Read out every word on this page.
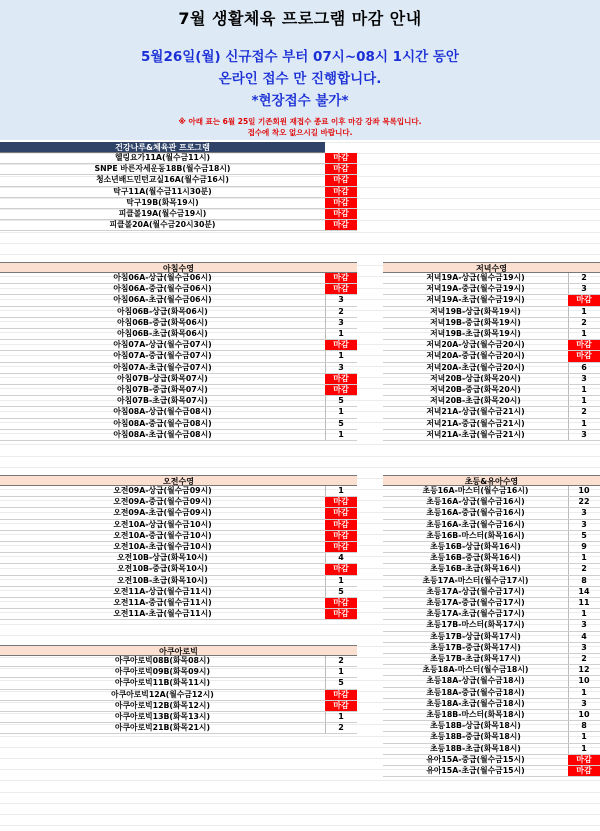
7월 생활체육 프로그램 마감 안내
5월26일(월) 신규접수 부터 07시~08시 1시간 동안
온라인 접수 만 진행합니다.
*현장접수 불가*
※ 아래 표는 6월 25일 기존회원 재접수 종료 이후 마감 강좌 목록입니다.
접수에 착오 없으시길 바랍니다.
건강나루&체육관 프로그램
헬링요가11A(월수금11시)	마감
SNPE 바른자세운동18B(월수금18시)	마감
청소년배드민턴교실16A(월수금16시)	마감
탁구11A(월수금11시30분)	마감
탁구19B(화목19시)	마감
피클볼19A(월수금19시)	마감
피클볼20A(월수금20시30분)	마감
아침수영
아침06A-상급(월수금06시)	마감
아침06A-중급(월수금06시)	마감
아침06A-초급(월수금06시)	3
아침06B-상급(화목06시)	2
아침06B-중급(화목06시)	3
아침06B-초급(화목06시)	1
아침07A-상급(월수금07시)	마감
아침07A-중급(월수금07시)	1
아침07A-초급(월수금07시)	3
아침07B-상급(화목07시)	마감
아침07B-중급(화목07시)	마감
아침07B-초급(화목07시)	5
아침08A-상급(월수금08시)	1
아침08A-중급(월수금08시)	5
아침08A-초급(월수금08시)	1
오전수영
오전09A-상급(월수금09시)	1
오전09A-중급(월수금09시)	마감
오전09A-초급(월수금09시)	마감
오전10A-상급(월수금10시)	마감
오전10A-중급(월수금10시)	마감
오전10A-초급(월수금10시)	마감
오전10B-상급(화목10시)	4
오전10B-중급(화목10시)	마감
오전10B-초급(화목10시)	1
오전11A-상급(월수금11시)	5
오전11A-중급(월수금11시)	마감
오전11A-초급(월수금11시)	마감
아쿠아로빅
아쿠아로빅08B(화목08시)	2
아쿠아로빅09B(화목09시)	1
아쿠아로빅11B(화목11시)	5
아쿠아로빅12A(월수금12시)	마감
아쿠아로빅12B(화목12시)	마감
아쿠아로빅13B(화목13시)	1
아쿠아로빅21B(화목21시)	2
저녁수영
저녁19A-상급(월수금19시)	2
저녁19A-중급(월수금19시)	3
저녁19A-초급(월수금19시)	마감
저녁19B-상급(화목19시)	1
저녁19B-중급(화목19시)	2
저녁19B-초급(화목19시)	1
저녁20A-상급(월수금20시)	마감
저녁20A-중급(월수금20시)	마감
저녁20A-초급(월수금20시)	6
저녁20B-상급(화목20시)	3
저녁20B-중급(화목20시)	1
저녁20B-초급(화목20시)	1
저녁21A-상급(월수금21시)	2
저녁21A-중급(월수금21시)	1
저녁21A-초급(월수금21시)	3
초등&유아수영
초등16A-마스터(월수금16시)	10
초등16A-상급(월수금16시)	22
초등16A-중급(월수금16시)	3
초등16A-초급(월수금16시)	3
초등16B-마스터(화목16시)	5
초등16B-상급(화목16시)	9
초등16B-중급(화목16시)	1
초등16B-초급(화목16시)	2
초등17A-마스터(월수금17시)	8
초등17A-상급(월수금17시)	14
초등17A-중급(월수금17시)	11
초등17A-초급(월수금17시)	1
초등17B-마스터(화목17시)	3
초등17B-상급(화목17시)	4
초등17B-중급(화목17시)	3
초등17B-초급(화목17시)	2
초등18A-마스터(월수금18시)	12
초등18A-상급(월수금18시)	10
초등18A-중급(월수금18시)	1
초등18A-초급(월수금18시)	3
초등18B-마스터(화목18시)	10
초등18B-상급(화목18시)	8
초등18B-중급(화목18시)	1
초등18B-초급(화목18시)	1
유아15A-중급(월수금15시)	마감
유아15A-초급(월수금15시)	마감
